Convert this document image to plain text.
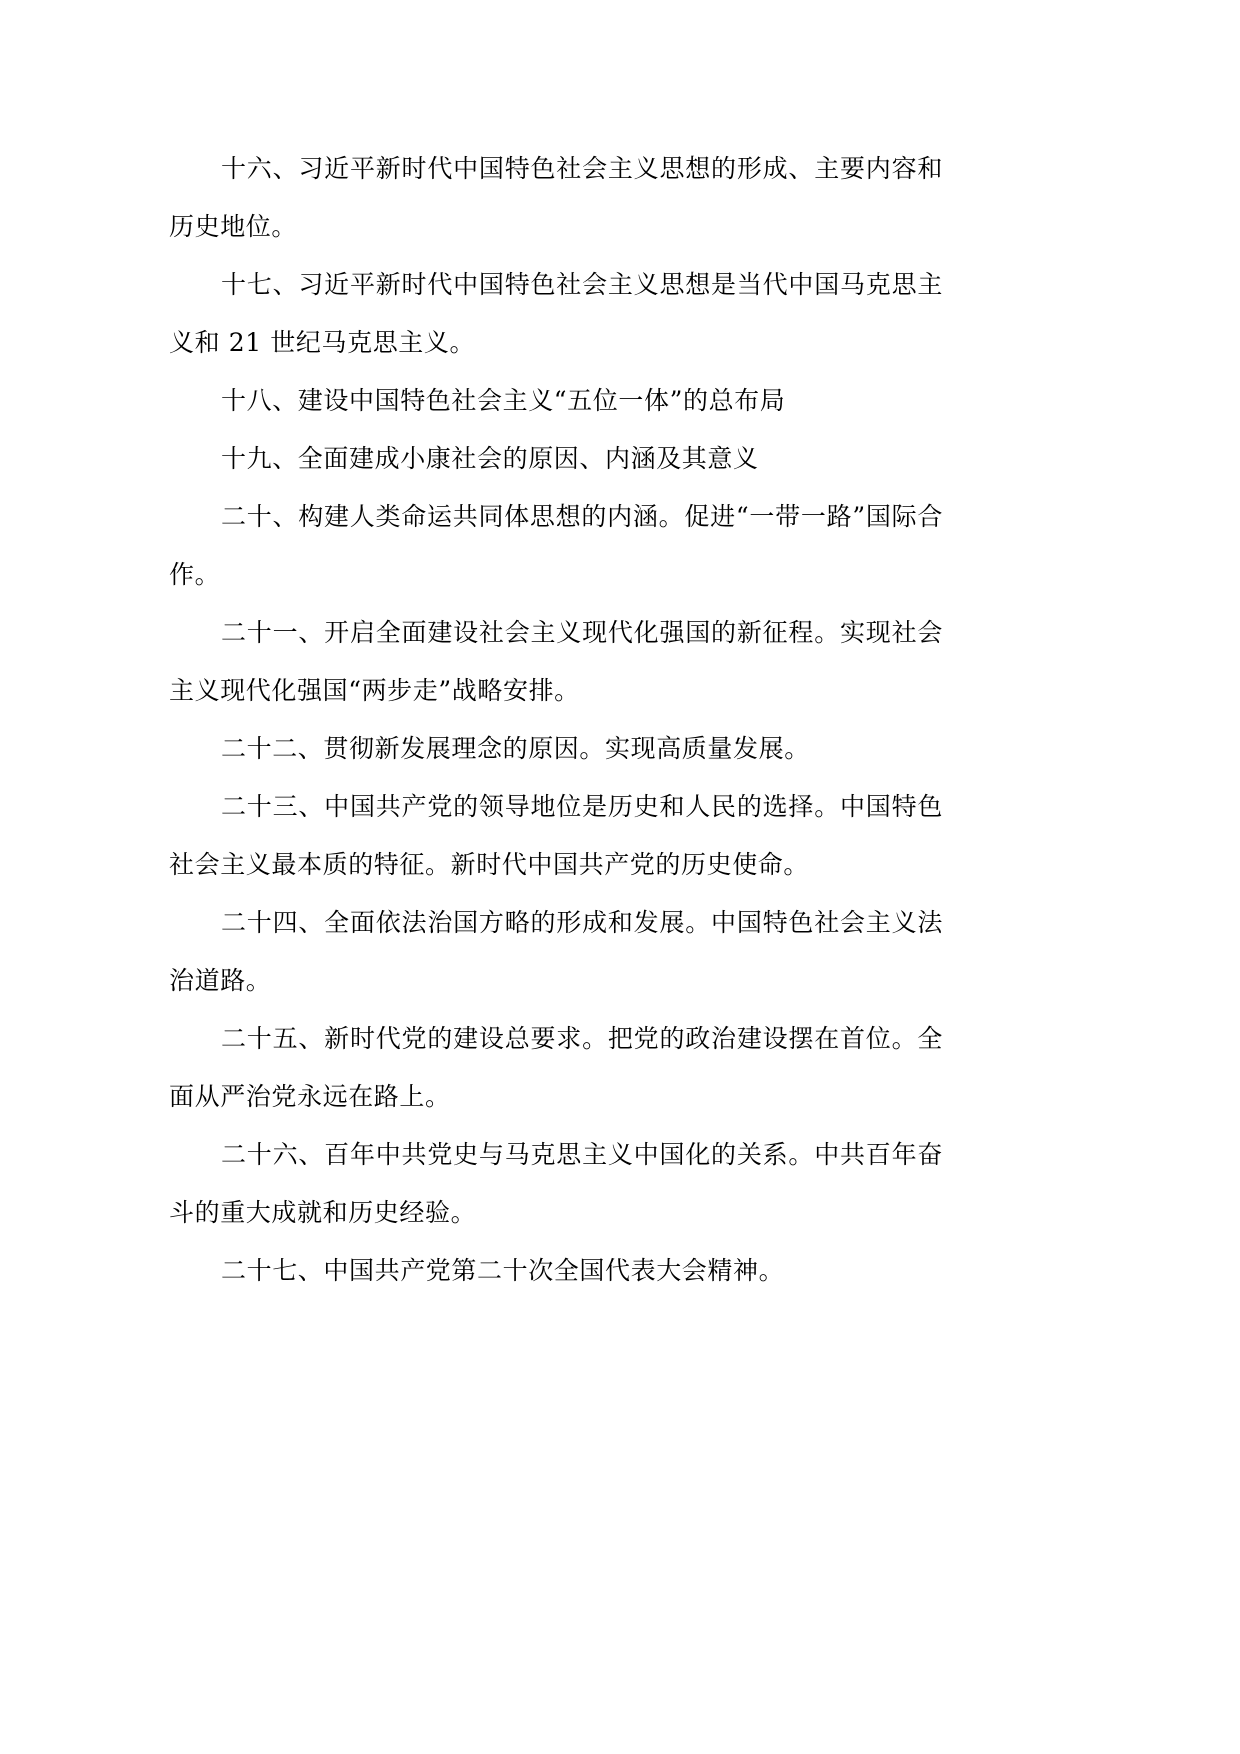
十六、习近平新时代中国特色社会主义思想的形成、主要内容和历史地位。

十七、习近平新时代中国特色社会主义思想是当代中国马克思主义和 21 世纪马克思主义。

十八、建设中国特色社会主义“五位一体”的总布局

十九、全面建成小康社会的原因、内涵及其意义

二十、构建人类命运共同体思想的内涵。促进“一带一路”国际合作。

二十一、开启全面建设社会主义现代化强国的新征程。实现社会主义现代化强国“两步走”战略安排。

二十二、贯彻新发展理念的原因。实现高质量发展。

二十三、中国共产党的领导地位是历史和人民的选择。中国特色社会主义最本质的特征。新时代中国共产党的历史使命。

二十四、全面依法治国方略的形成和发展。中国特色社会主义法治道路。

二十五、新时代党的建设总要求。把党的政治建设摆在首位。全面从严治党永远在路上。

二十六、百年中共党史与马克思主义中国化的关系。中共百年奋斗的重大成就和历史经验。

二十七、中国共产党第二十次全国代表大会精神。
